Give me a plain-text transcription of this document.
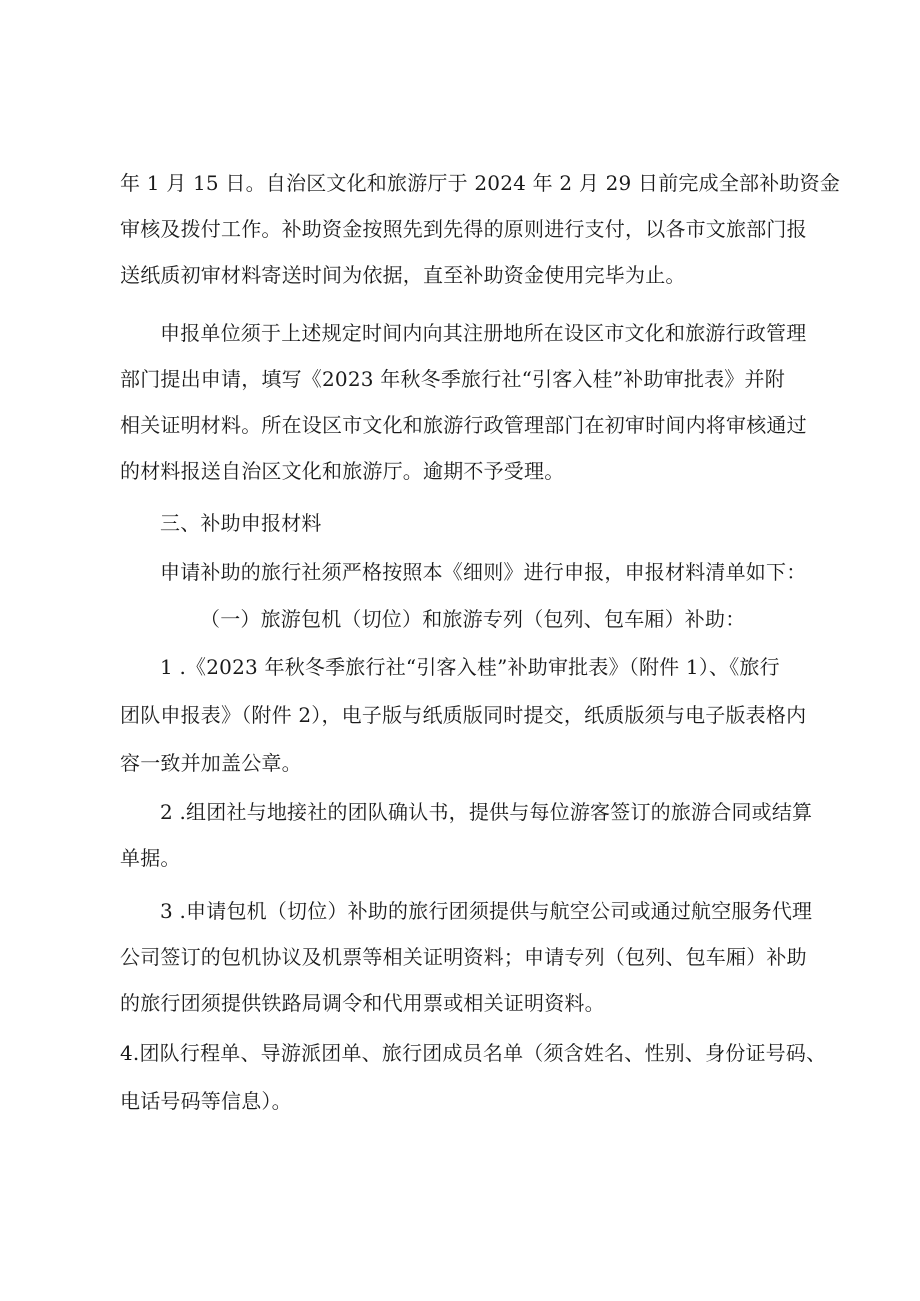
年 1 月 15 日。自治区文化和旅游厅于 2024 年 2 月 29 日前完成全部补助资金
审核及拨付工作。补助资金按照先到先得的原则进行支付，以各市文旅部门报
送纸质初审材料寄送时间为依据，直至补助资金使用完毕为止。
申报单位须于上述规定时间内向其注册地所在设区市文化和旅游行政管理
部门提出申请，填写《2023 年秋冬季旅行社“引客入桂”补助审批表》并附
相关证明材料。所在设区市文化和旅游行政管理部门在初审时间内将审核通过
的材料报送自治区文化和旅游厅。逾期不予受理。
三、补助申报材料
申请补助的旅行社须严格按照本《细则》进行申报，申报材料清单如下：
（一）旅游包机（切位）和旅游专列（包列、包车厢）补助：
1 .《2023 年秋冬季旅行社“引客入桂”补助审批表》（附件 1）、《旅行
团队申报表》（附件 2），电子版与纸质版同时提交，纸质版须与电子版表格内
容一致并加盖公章。
2 .组团社与地接社的团队确认书，提供与每位游客签订的旅游合同或结算
单据。
3 .申请包机（切位）补助的旅行团须提供与航空公司或通过航空服务代理
公司签订的包机协议及机票等相关证明资料；申请专列（包列、包车厢）补助
的旅行团须提供铁路局调令和代用票或相关证明资料。
4.团队行程单、导游派团单、旅行团成员名单（须含姓名、性别、身份证号码、
电话号码等信息）。
